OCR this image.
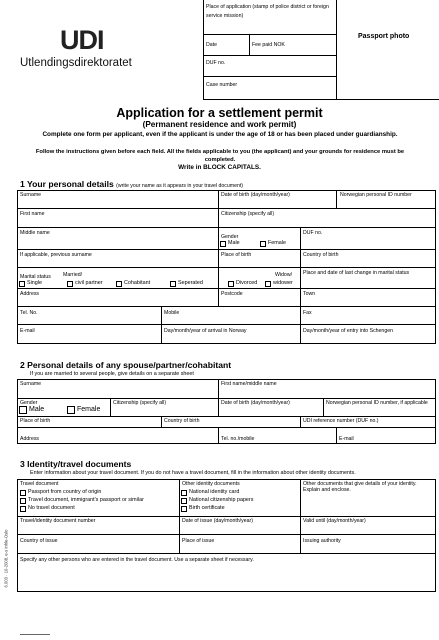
UDI
Utlendingsdirektoratet
Place of application (stamp of police district or foreign service mission)
Date	Fee paid NOK
DUF no.
Case number
Passport photo
Application for a settlement permit
(Permanent residence and work permit)
Complete one form per applicant, even if the applicant is under the age of 18 or has been placed under guardianship.
Follow the instructions given before each field. All the fields applicable to you (the applicant) and your grounds for residence must be completed.
Write in BLOCK CAPITALS.
1 Your personal details (write your name as it appears in your travel document)
Surname	Date of birth (day/month/year)	Norwegian personal ID number
First name	Citizenship (specify all)
Middle name
Gender
Male	Female
DUF no.
If applicable, previous surname	Place of birth	Country of birth
Marital status Married/	Widow/
Single	civil partner	Cohabitant	Seperated	Divorced	widower
Place and date of last change in marital status
Address	Postcode	Town
Tel. No.	Mobile	Fax
E-mail	Day/month/year of arrival in Norway	Day/month/year of entry into Schengen
2 Personal details of any spouse/partner/cohabitant
If you are married to several people, give details on a separate sheet
Surname	First name/middle name
Gender
Male	Female
Citizenship (specify all)	Date of birth (day/month/year)	Norwegian personal ID number, if applicable
Place of birth	Country of birth	UDI reference number (DUF no.)
Address	Tel. no./mobile	E-mail
3 Identity/travel documents
Enter information about your travel document. If you do not have a travel document, fill in the information about other identity documents.
Travel document
Passport from country of origin
Travel document, immigrant's passport or similar
No travel document
Other identity documents
National identity card
National citizenship papers
Birth certificate
Other documents that give details of your identity. Explain and enclose.
Travel/identity document number	Date of issue (day/month/year)	Valid until (day/month/year)
Country of issue	Place of issue	Issuing authority
Specify any other persons who are entered in the travel document. Use a separate sheet if necessary.
6.003 · 10-2008, e-s Inhle-Oslo
